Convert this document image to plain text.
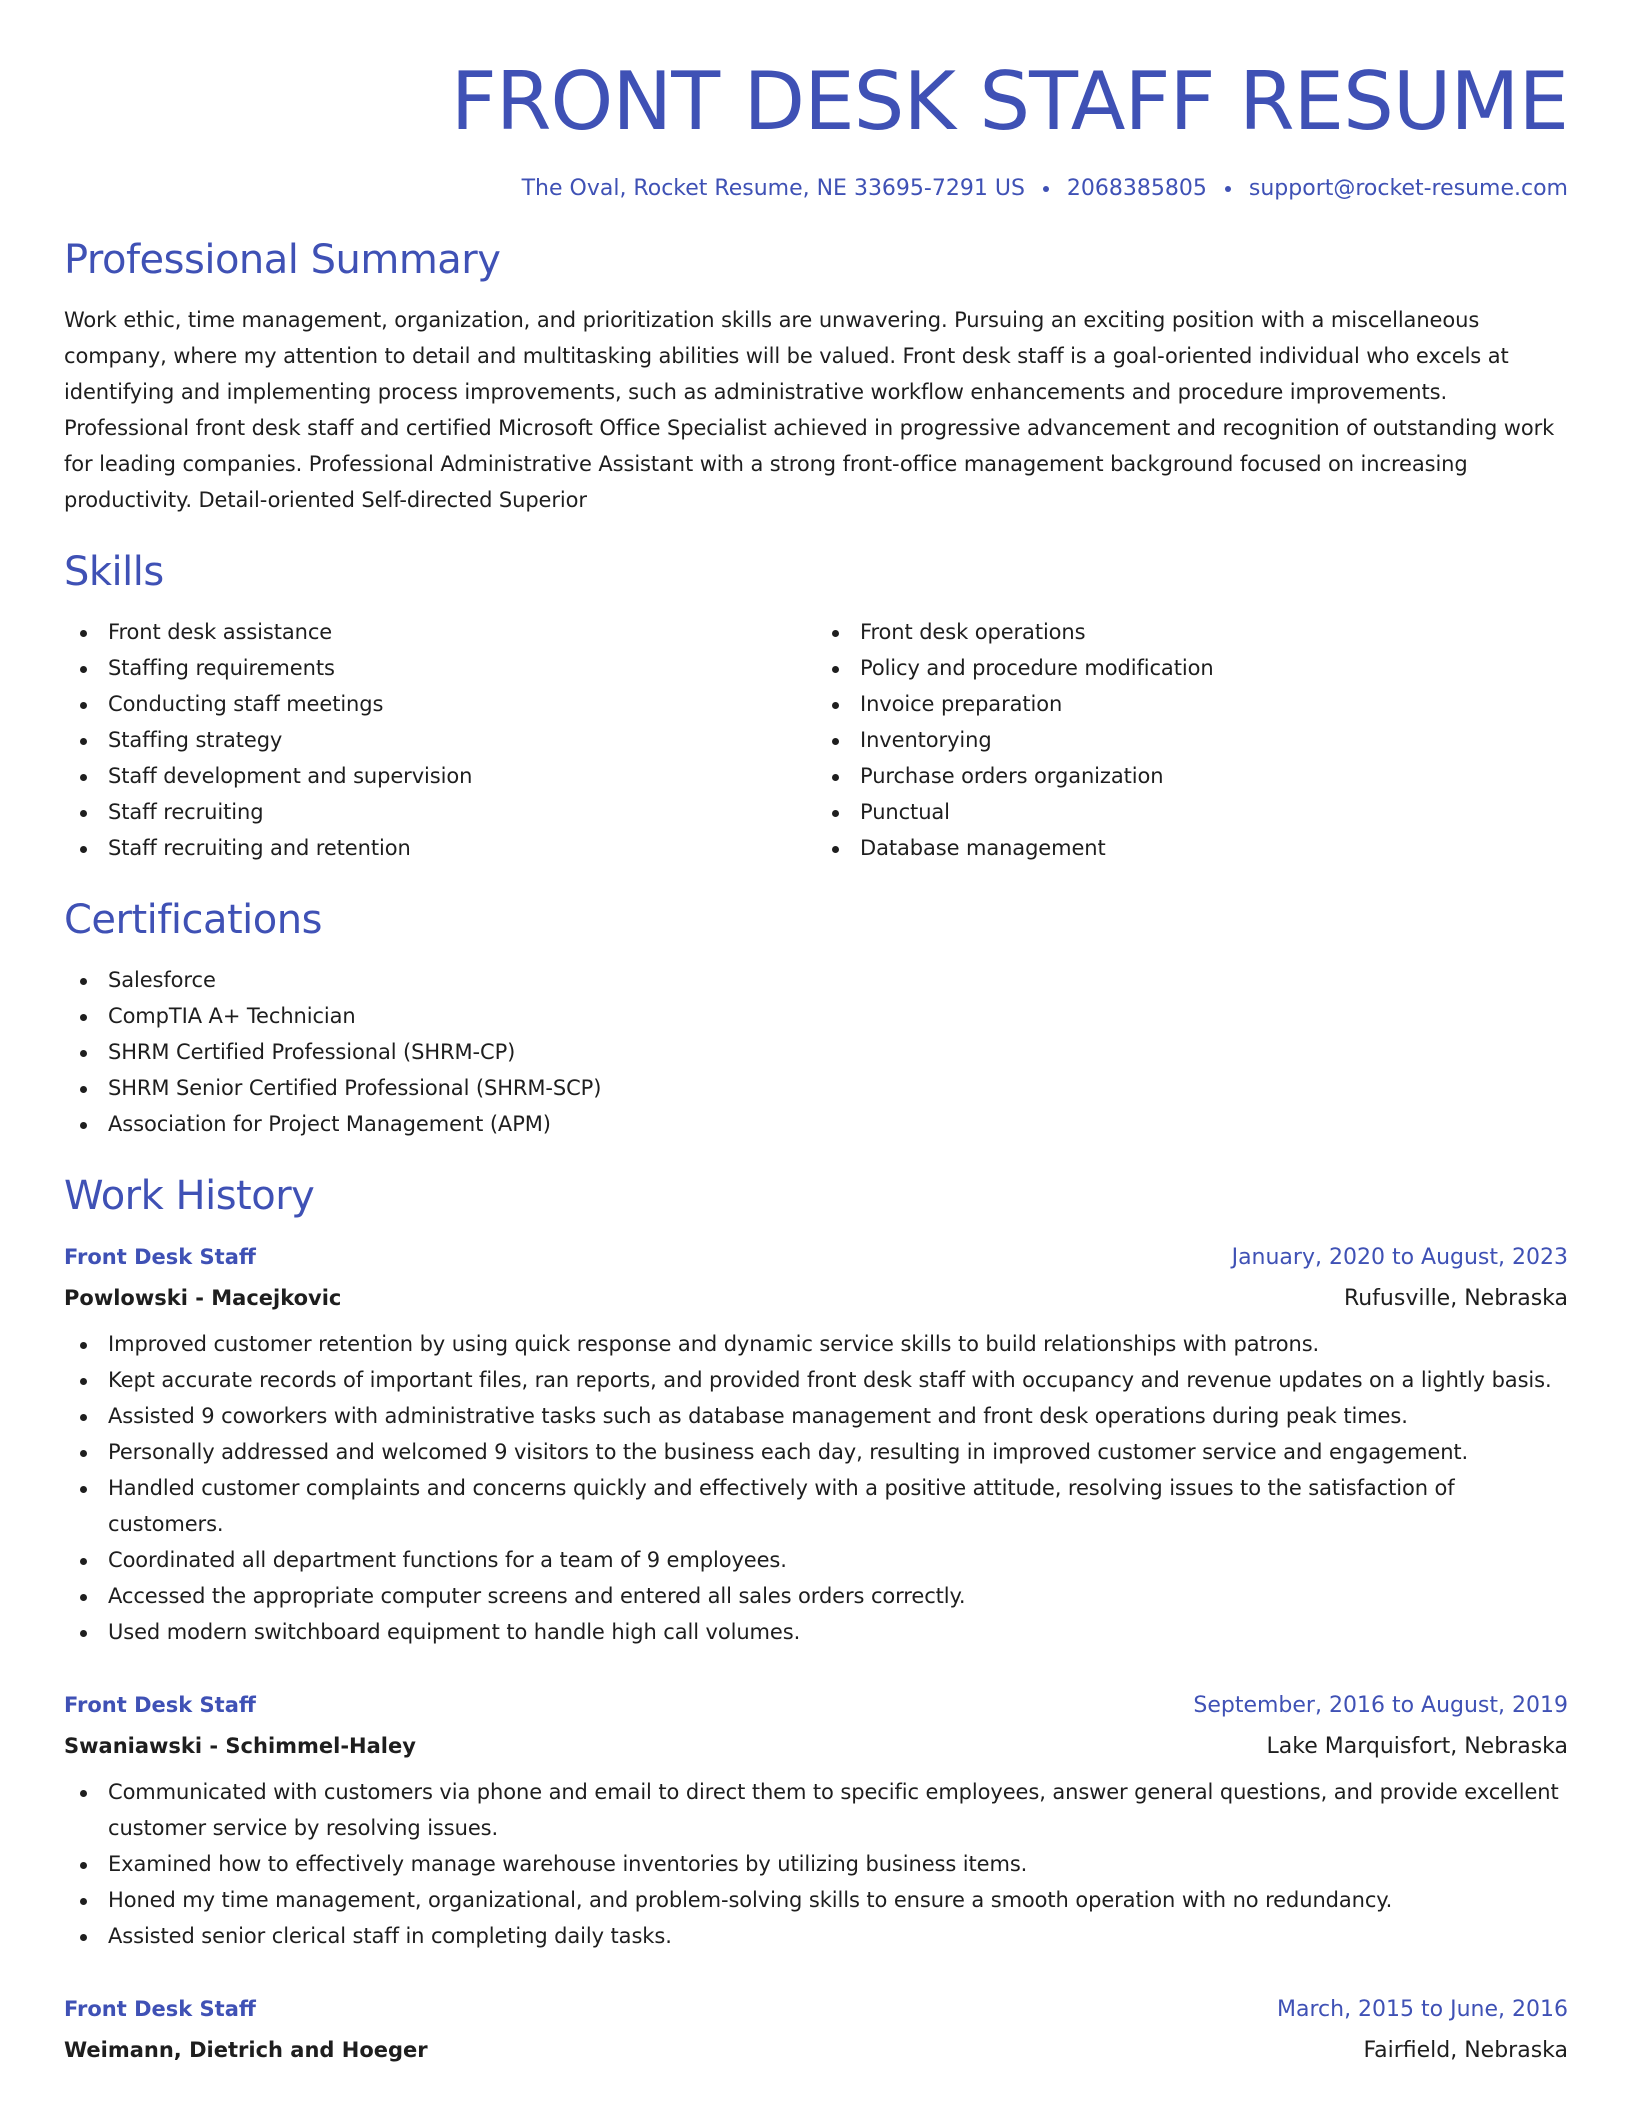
FRONT DESK STAFF RESUME
The Oval, Rocket Resume, NE 33695-7291 US 2068385805 support@rocket-resume.com
Professional Summary

Work ethic, time management, organization, and prioritization skills are unwavering. Pursuing an exciting position with a miscellaneous company, where my attention to detail and multitasking abilities will be valued. Front desk staff is a goal-oriented individual who excels at identifying and implementing process improvements, such as administrative workflow enhancements and procedure improvements. Professional front desk staff and certified Microsoft Office Specialist achieved in progressive advancement and recognition of outstanding work for leading companies. Professional Administrative Assistant with a strong front-office management background focused on increasing productivity. Detail-oriented Self-directed Superior

Skills
Front desk assistance
Staffing requirements
Conducting staff meetings
Staffing strategy
Staff development and supervision
Staff recruiting
Staff recruiting and retention
Front desk operations
Policy and procedure modification
Invoice preparation
Inventorying
Purchase orders organization
Punctual
Database management
Certifications
Salesforce
CompTIA A+ Technician
SHRM Certified Professional (SHRM-CP)
SHRM Senior Certified Professional (SHRM-SCP)
Association for Project Management (APM)
Work History
Front Desk Staff	January, 2020 to August, 2023
Powlowski - Macejkovic	Rufusville, Nebraska
Improved customer retention by using quick response and dynamic service skills to build relationships with patrons.
Kept accurate records of important files, ran reports, and provided front desk staff with occupancy and revenue updates on a lightly basis.
Assisted 9 coworkers with administrative tasks such as database management and front desk operations during peak times.
Personally addressed and welcomed 9 visitors to the business each day, resulting in improved customer service and engagement.
Handled customer complaints and concerns quickly and effectively with a positive attitude, resolving issues to the satisfaction of customers.
Coordinated all department functions for a team of 9 employees.
Accessed the appropriate computer screens and entered all sales orders correctly.
Used modern switchboard equipment to handle high call volumes.
Front Desk Staff	September, 2016 to August, 2019
Swaniawski - Schimmel-Haley	Lake Marquisfort, Nebraska
Communicated with customers via phone and email to direct them to specific employees, answer general questions, and provide excellent customer service by resolving issues.
Examined how to effectively manage warehouse inventories by utilizing business items.
Honed my time management, organizational, and problem-solving skills to ensure a smooth operation with no redundancy.
Assisted senior clerical staff in completing daily tasks.
Front Desk Staff	March, 2015 to June, 2016
Weimann, Dietrich and Hoeger	Fairfield, Nebraska
